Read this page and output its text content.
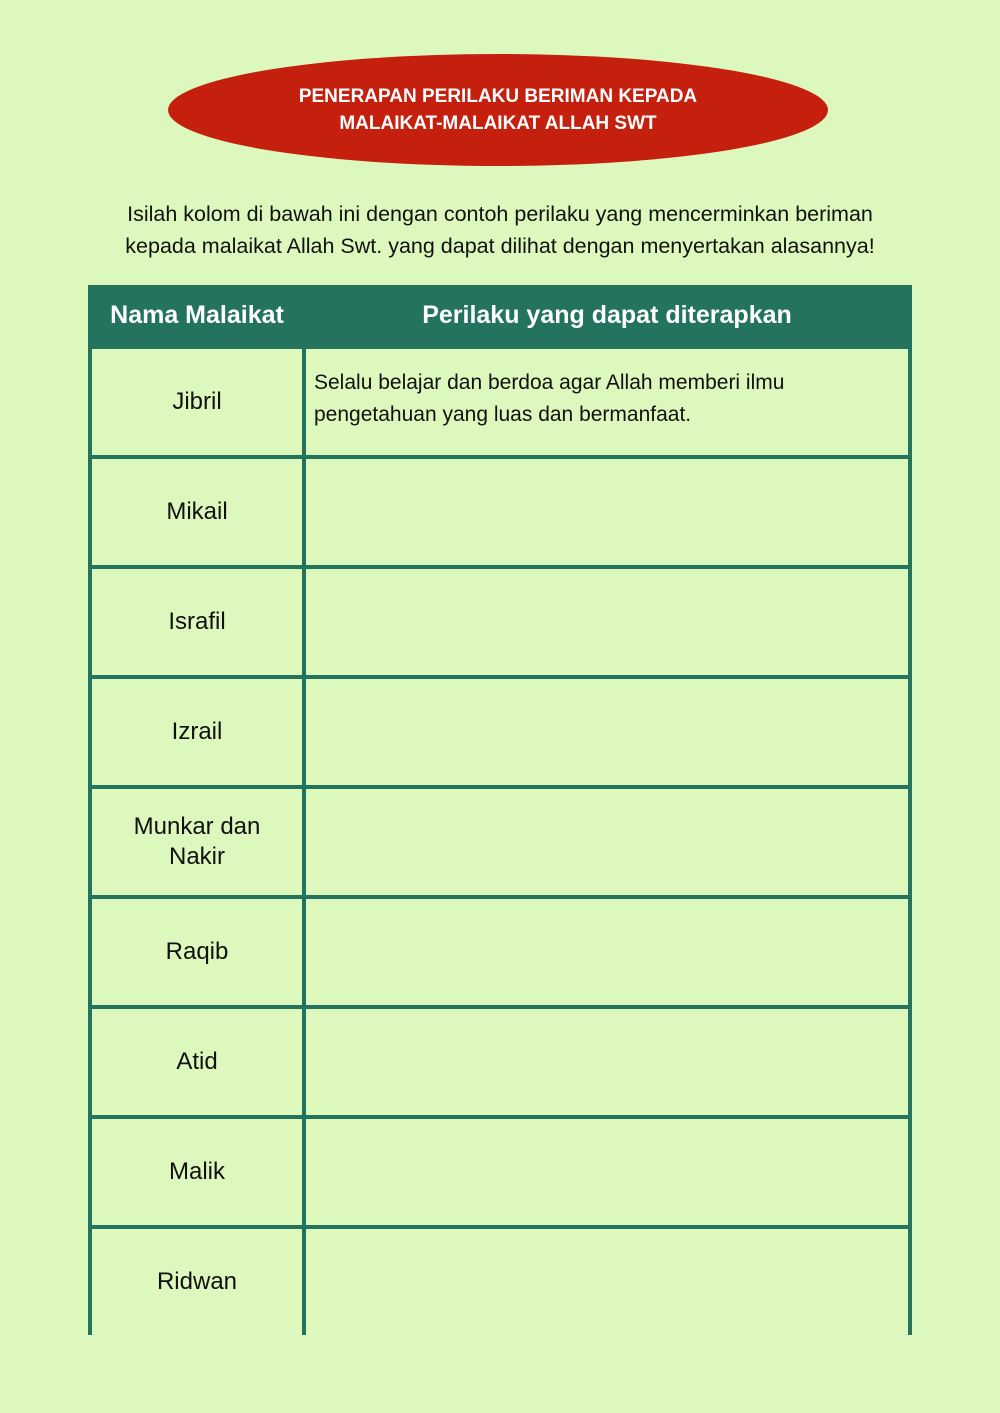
PENERAPAN PERILAKU BERIMAN KEPADA
MALAIKAT-MALAIKAT ALLAH SWT
Isilah kolom di bawah ini dengan contoh perilaku yang mencerminkan beriman
kepada malaikat Allah Swt. yang dapat dilihat dengan menyertakan alasannya!
Nama Malaikat	Perilaku yang dapat diterapkan
Jibril
Selalu belajar dan berdoa agar Allah memberi ilmu pengetahuan yang luas dan bermanfaat.
Mikail
Israfil
Izrail
Munkar dan Nakir
Raqib
Atid
Malik
Ridwan
